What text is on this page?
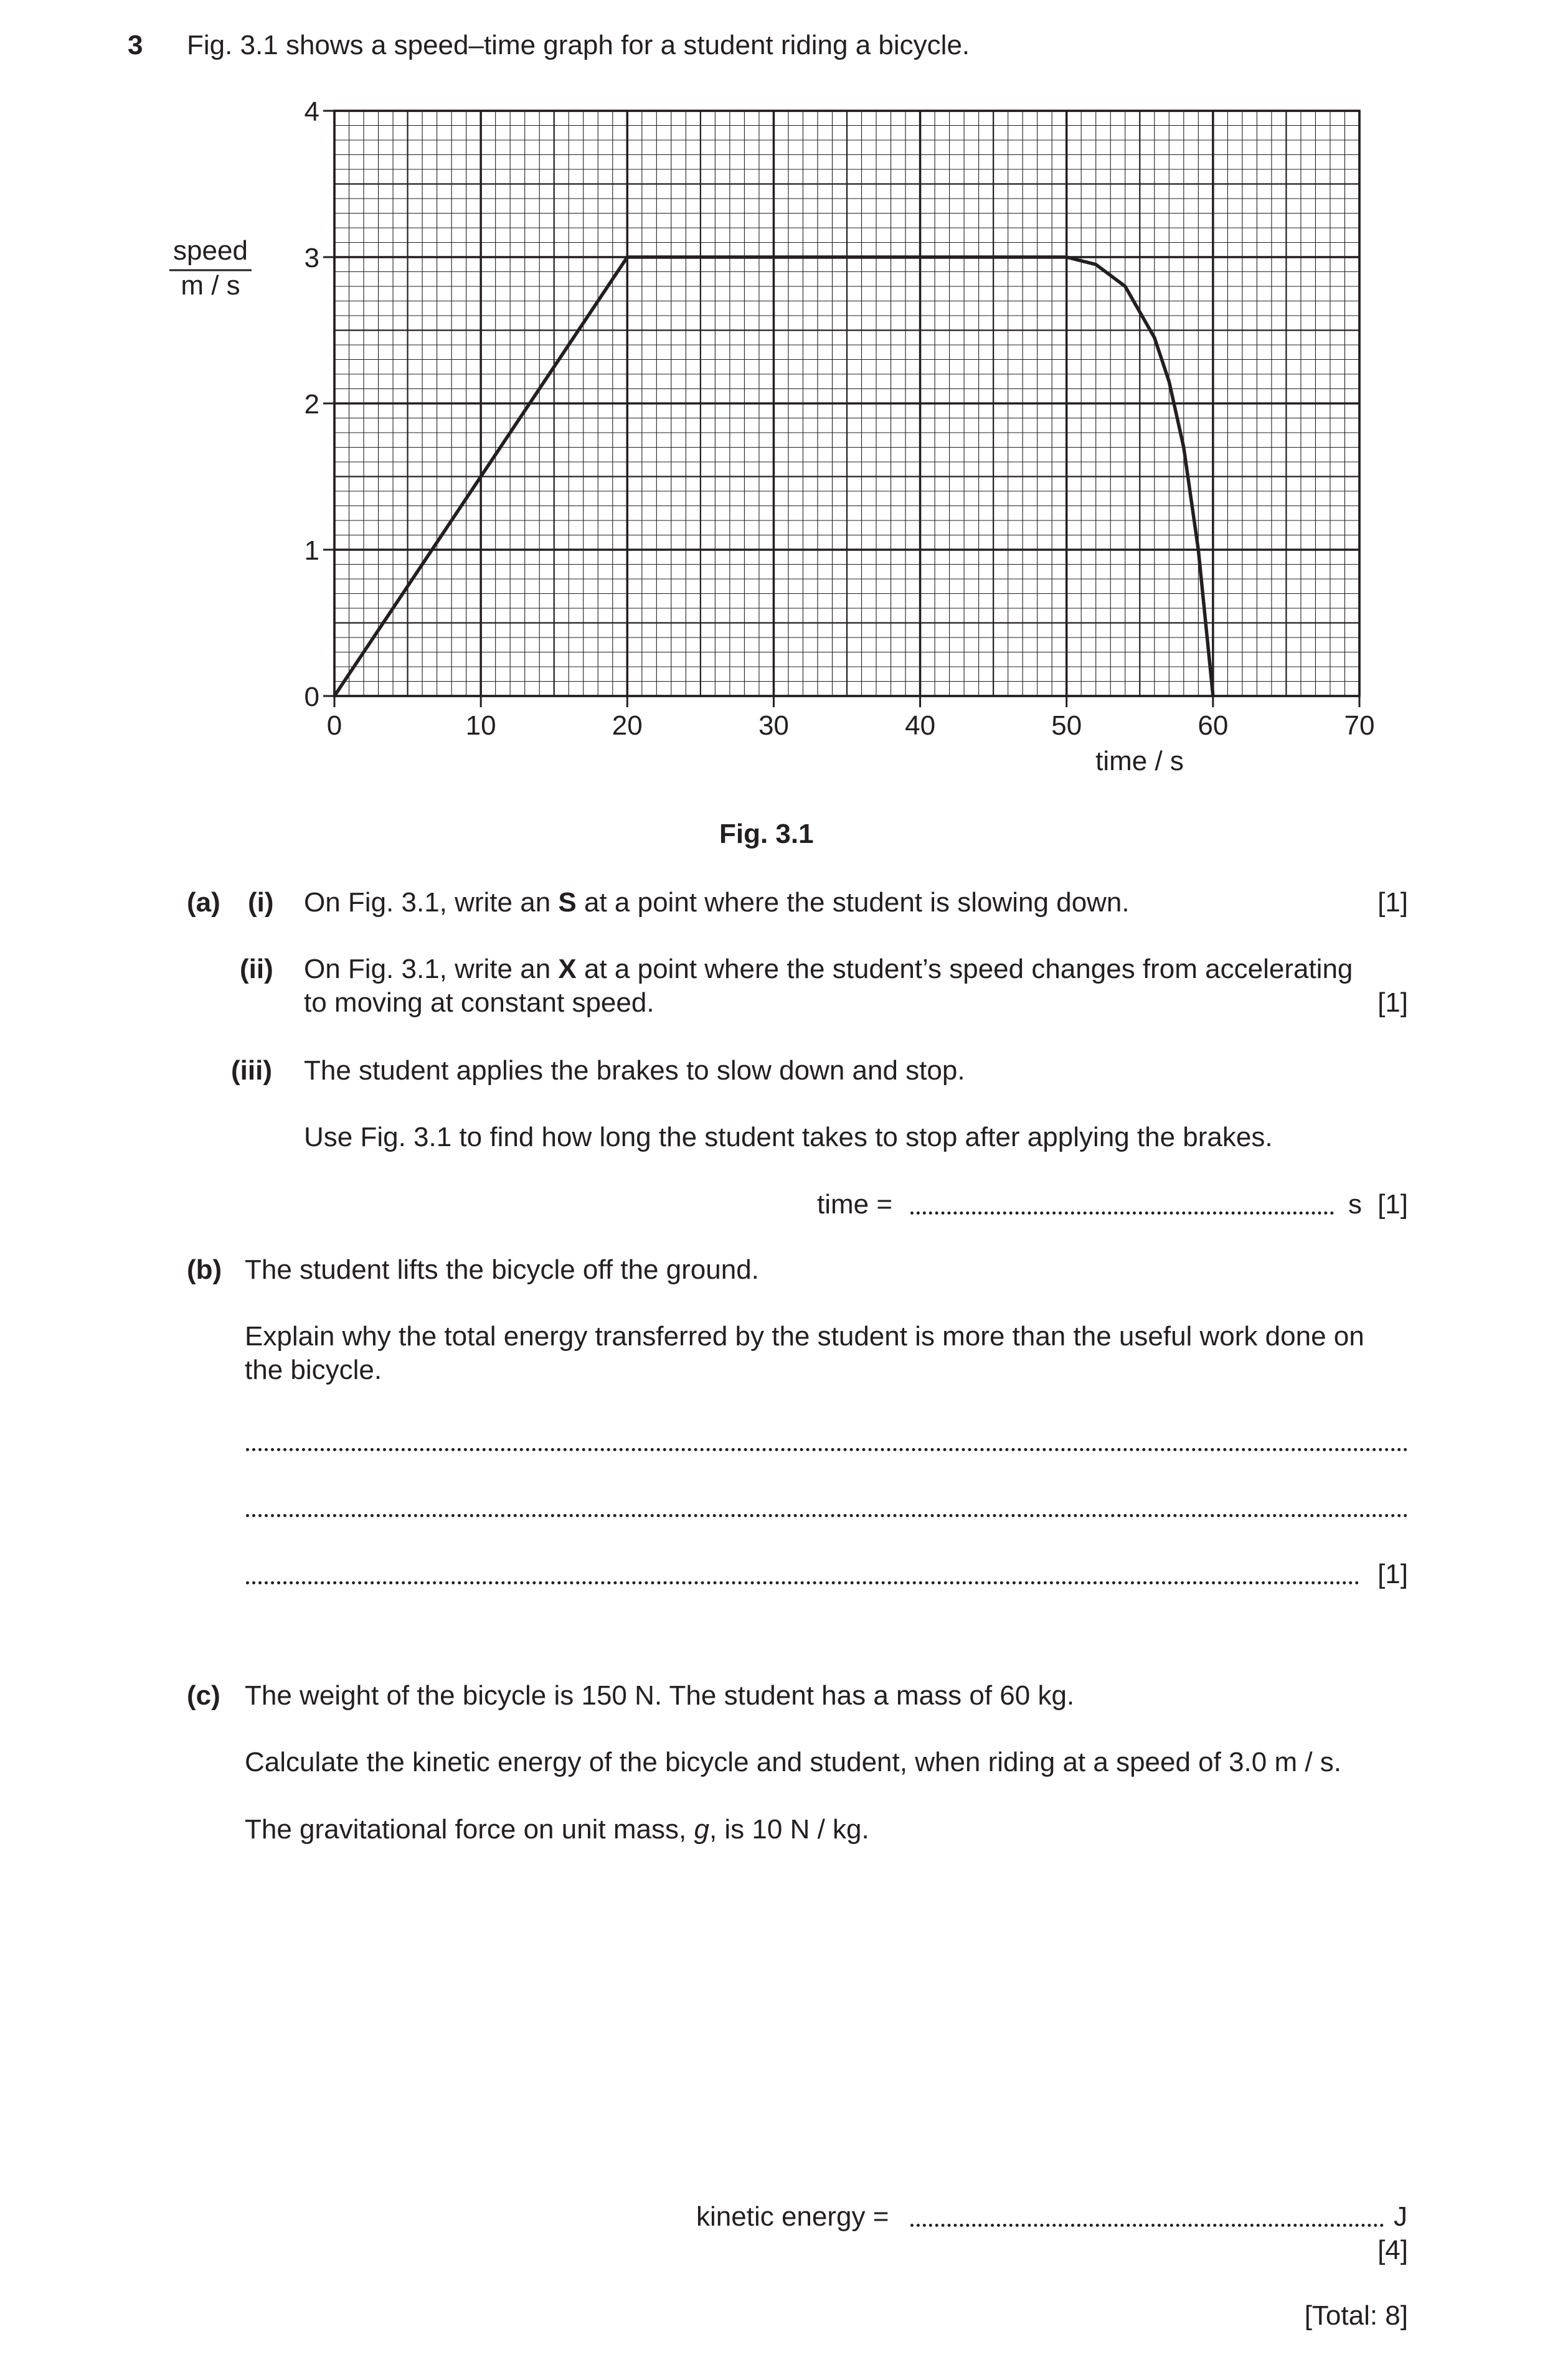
3 Fig. 3.1 shows a speed–time graph for a student riding a bicycle.
0	10	20	30	40	50	60	70
0
1
2
3
4
time / s
speed
m / s
Fig. 3.1
(a) (i) On Fig. 3.1, write an S at a point where the student is slowing down.	[1]
(ii) On Fig. 3.1, write an X at a point where the student’s speed changes from accelerating
to moving at constant speed.	[1]
(iii) The student applies the brakes to slow down and stop.
Use Fig. 3.1 to find how long the student takes to stop after applying the brakes.
time =	s [1]
(b) The student lifts the bicycle off the ground.
Explain why the total energy transferred by the student is more than the useful work done on
the bicycle.
[1]
(c) The weight of the bicycle is 150 N. The student has a mass of 60 kg.
Calculate the kinetic energy of the bicycle and student, when riding at a speed of 3.0 m / s.
The gravitational force on unit mass, g, is 10 N / kg.
kinetic energy =	J
[4]
[Total: 8]
